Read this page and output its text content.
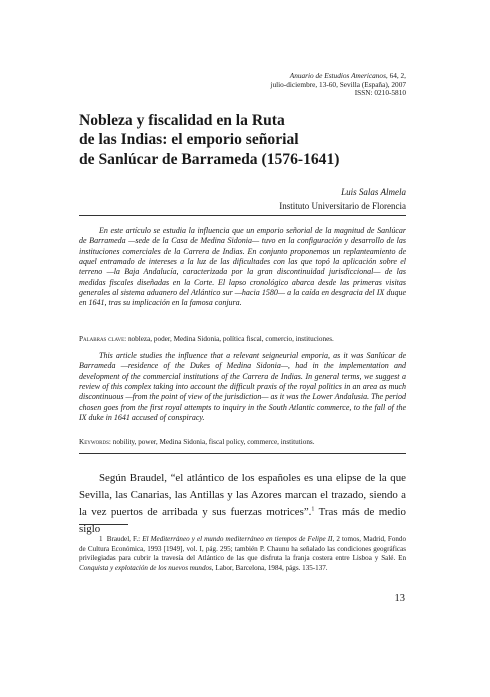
Anuario de Estudios Americanos, 64, 2,
julio-diciembre, 13-60, Sevilla (España), 2007
ISSN: 0210-5810
Nobleza y fiscalidad en la Ruta
de las Indias: el emporio señorial
de Sanlúcar de Barrameda (1576-1641)
Luis Salas Almela
Instituto Universitario de Florencia

En este artículo se estudia la influencia que un emporio señorial de la magnitud de Sanlúcar de Barrameda —sede de la Casa de Medina Sidonia— tuvo en la configuración y desarrollo de las instituciones comerciales de la Carrera de Indias. En conjunto proponemos un replanteamiento de aquel entramado de intereses a la luz de las dificultades con las que topó la aplicación sobre el terreno —la Baja Andalucía, caracterizada por la gran discontinuidad jurisdiccional— de las medidas fiscales diseñadas en la Corte. El lapso cronológico abarca desde las primeras visitas generales al sistema aduanero del Atlántico sur —hacia 1580— a la caída en desgracia del IX duque en 1641, tras su implicación en la famosa conjura.

Palabras clave: nobleza, poder, Medina Sidonia, política fiscal, comercio, instituciones.

This article studies the influence that a relevant seigneurial emporia, as it was Sanlúcar de Barrameda —residence of the Dukes of Medina Sidonia—, had in the implementation and development of the commercial institutions of the Carrera de Indias. In general terms, we suggest a review of this complex taking into account the difficult praxis of the royal politics in an area as much discontinuous —from the point of view of the jurisdiction— as it was the Lower Andalusia. The period chosen goes from the first royal attempts to inquiry in the South Atlantic commerce, to the fall of the IX duke in 1641 accused of conspiracy.

Keywords: nobility, power, Medina Sidonia, fiscal policy, commerce, institutions.

Según Braudel, “el atlántico de los españoles es una elipse de la que Sevilla, las Canarias, las Antillas y las Azores marcan el trazado, siendo a la vez puertos de arribada y sus fuerzas motrices”.$^1$ Tras más de medio siglo

1 Braudel, F.: El Mediterráneo y el mundo mediterráneo en tiempos de Felipe II, 2 tomos, Madrid, Fondo de Cultura Económica, 1993 [1949], vol. I, pág. 295; también P. Chaunu ha señalado las condiciones geográficas privilegiadas para cubrir la travesía del Atlántico de las que disfruta la franja costera entre Lisboa y Salé. En Conquista y explotación de los nuevos mundos, Labor, Barcelona, 1984, págs. 135-137.

13
